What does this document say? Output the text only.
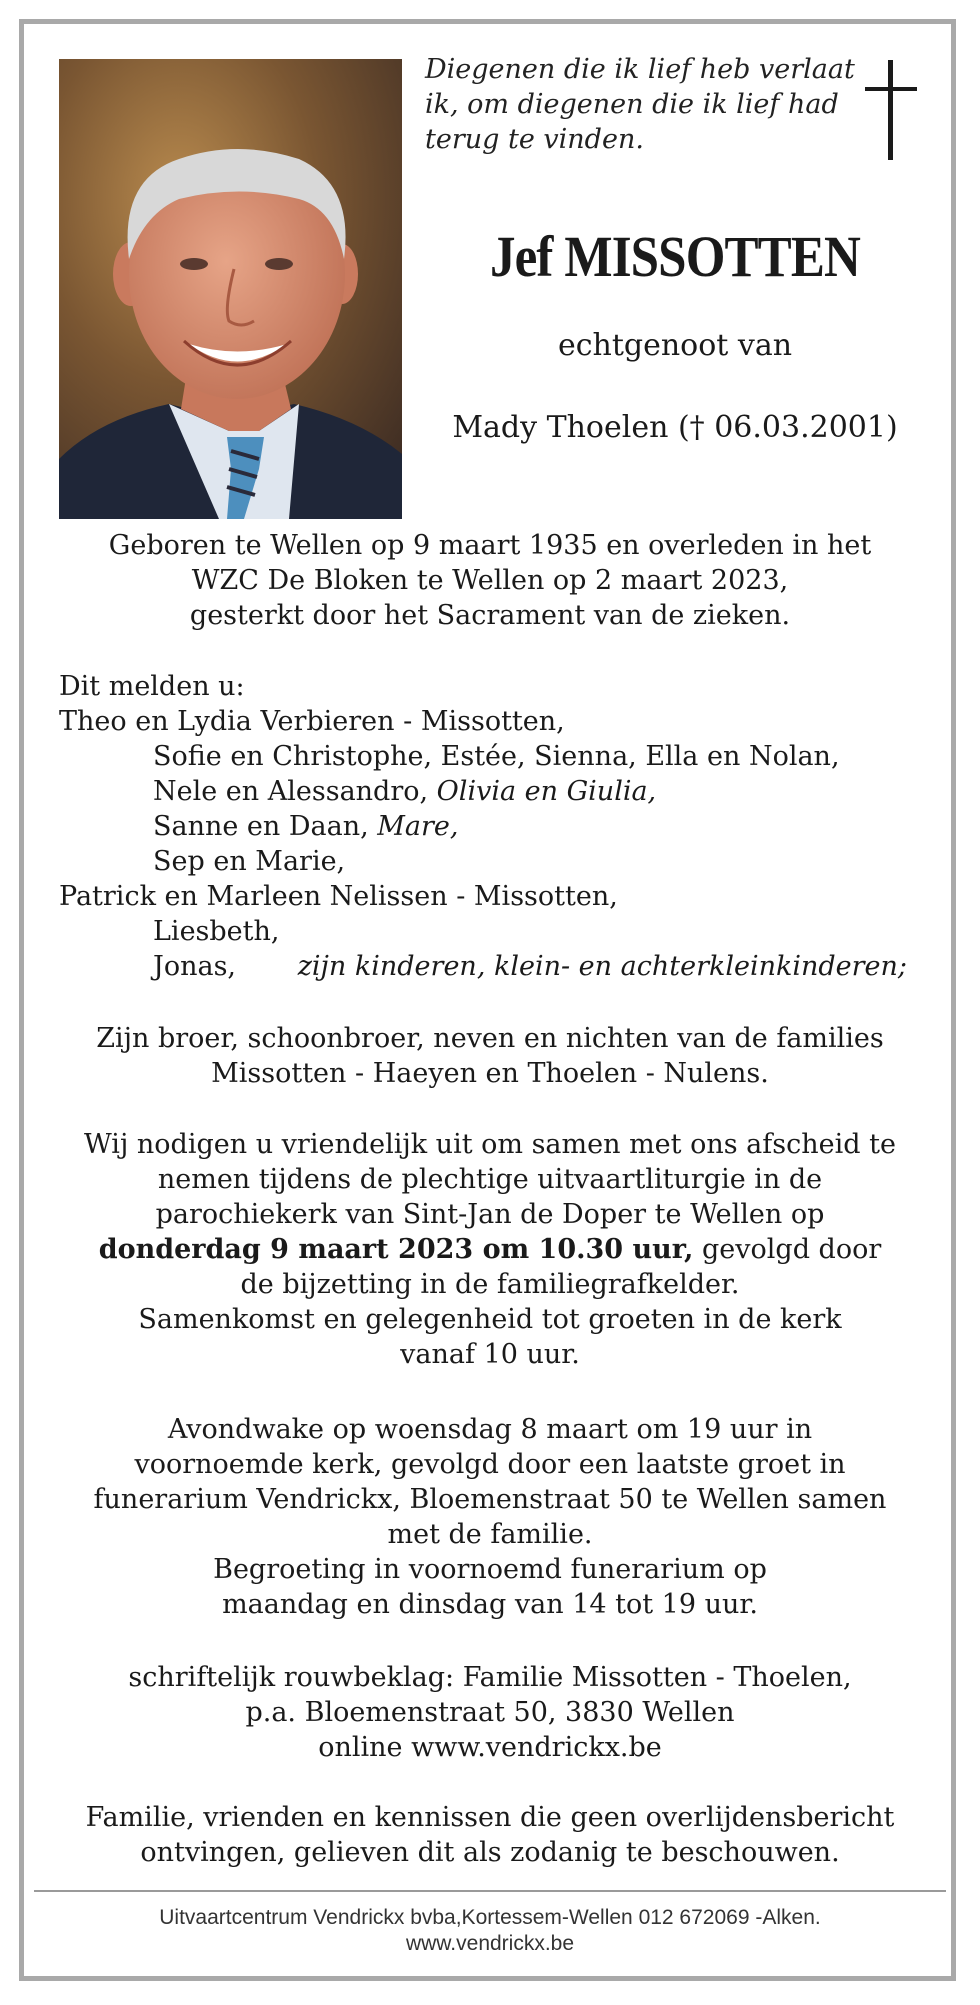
Diegenen die ik lief heb verlaat
ik, om diegenen die ik lief had
terug te vinden.
Jef MISSOTTEN
echtgenoot van
Mady Thoelen († 06.03.2001)
Geboren te Wellen op 9 maart 1935 en overleden in het
WZC De Bloken te Wellen op 2 maart 2023,
gesterkt door het Sacrament van de zieken.
Dit melden u:
Theo en Lydia Verbieren - Missotten,
Sofie en Christophe, Estée, Sienna, Ella en Nolan,
Nele en Alessandro, Olivia en Giulia,
Sanne en Daan, Mare,
Sep en Marie,
Patrick en Marleen Nelissen - Missotten,
Liesbeth,
Jonas, zijn kinderen, klein- en achterkleinkinderen;
Zijn broer, schoonbroer, neven en nichten van de families
Missotten - Haeyen en Thoelen - Nulens.
Wij nodigen u vriendelijk uit om samen met ons afscheid te
nemen tijdens de plechtige uitvaartliturgie in de
parochiekerk van Sint-Jan de Doper te Wellen op
donderdag 9 maart 2023 om 10.30 uur, gevolgd door
de bijzetting in de familiegrafkelder.
Samenkomst en gelegenheid tot groeten in de kerk
vanaf 10 uur.
Avondwake op woensdag 8 maart om 19 uur in
voornoemde kerk, gevolgd door een laatste groet in
funerarium Vendrickx, Bloemenstraat 50 te Wellen samen
met de familie.
Begroeting in voornoemd funerarium op
maandag en dinsdag van 14 tot 19 uur.
schriftelijk rouwbeklag: Familie Missotten - Thoelen,
p.a. Bloemenstraat 50, 3830 Wellen
online www.vendrickx.be
Familie, vrienden en kennissen die geen overlijdensbericht
ontvingen, gelieven dit als zodanig te beschouwen.
Uitvaartcentrum Vendrickx bvba,Kortessem-Wellen 012 672069 -Alken.
www.vendrickx.be
